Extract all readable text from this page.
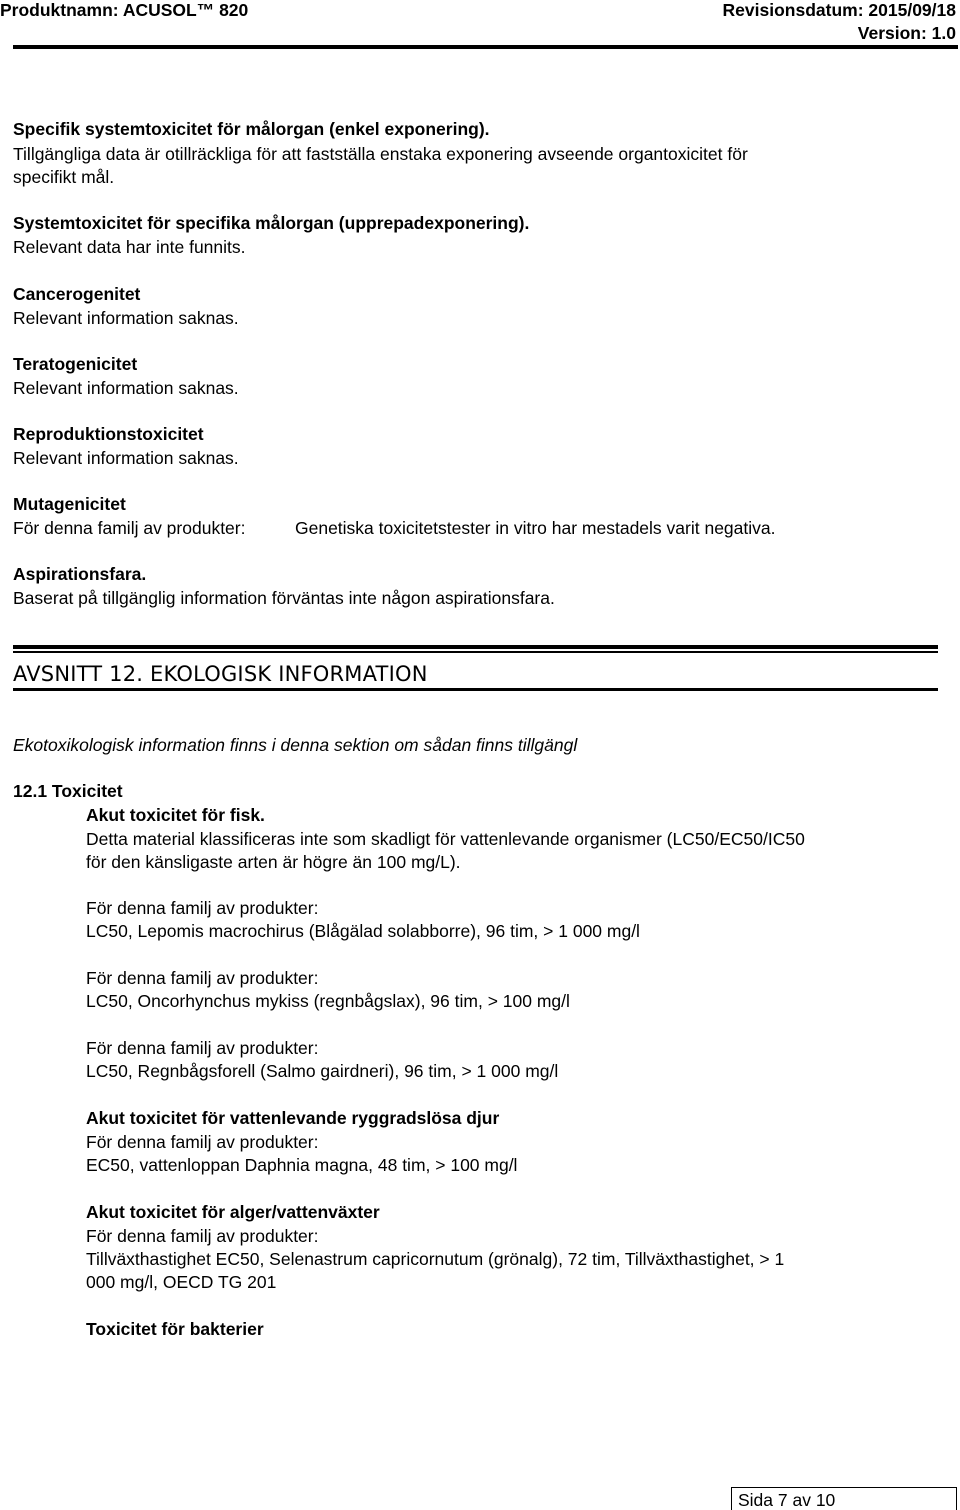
Produktnamn: ACUSOL™ 820	Revisionsdatum: 2015/09/18
Version: 1.0
Specifik systemtoxicitet för målorgan (enkel exponering).
Tillgängliga data är otillräckliga för att fastställa enstaka exponering avseende organtoxicitet för
specifikt mål.
Systemtoxicitet för specifika målorgan (upprepadexponering).
Relevant data har inte funnits.
Cancerogenitet
Relevant information saknas.
Teratogenicitet
Relevant information saknas.
Reproduktionstoxicitet
Relevant information saknas.
Mutagenicitet
För denna familj av produkter:	Genetiska toxicitetstester in vitro har mestadels varit negativa.
Aspirationsfara.
Baserat på tillgänglig information förväntas inte någon aspirationsfara.
AVSNITT 12. EKOLOGISK INFORMATION
Ekotoxikologisk information finns i denna sektion om sådan finns tillgängl
12.1 Toxicitet
Akut toxicitet för fisk.
Detta material klassificeras inte som skadligt för vattenlevande organismer (LC50/EC50/IC50
för den känsligaste arten är högre än 100 mg/L).
För denna familj av produkter:
LC50, Lepomis macrochirus (Blågälad solabborre), 96 tim, > 1 000 mg/l
För denna familj av produkter:
LC50, Oncorhynchus mykiss (regnbågslax), 96 tim, > 100 mg/l
För denna familj av produkter:
LC50, Regnbågsforell (Salmo gairdneri), 96 tim, > 1 000 mg/l
Akut toxicitet för vattenlevande ryggradslösa djur
För denna familj av produkter:
EC50, vattenloppan Daphnia magna, 48 tim, > 100 mg/l
Akut toxicitet för alger/vattenväxter
För denna familj av produkter:
Tillväxthastighet EC50, Selenastrum capricornutum (grönalg), 72 tim, Tillväxthastighet, > 1
000 mg/l, OECD TG 201
Toxicitet för bakterier
Sida 7 av 10
